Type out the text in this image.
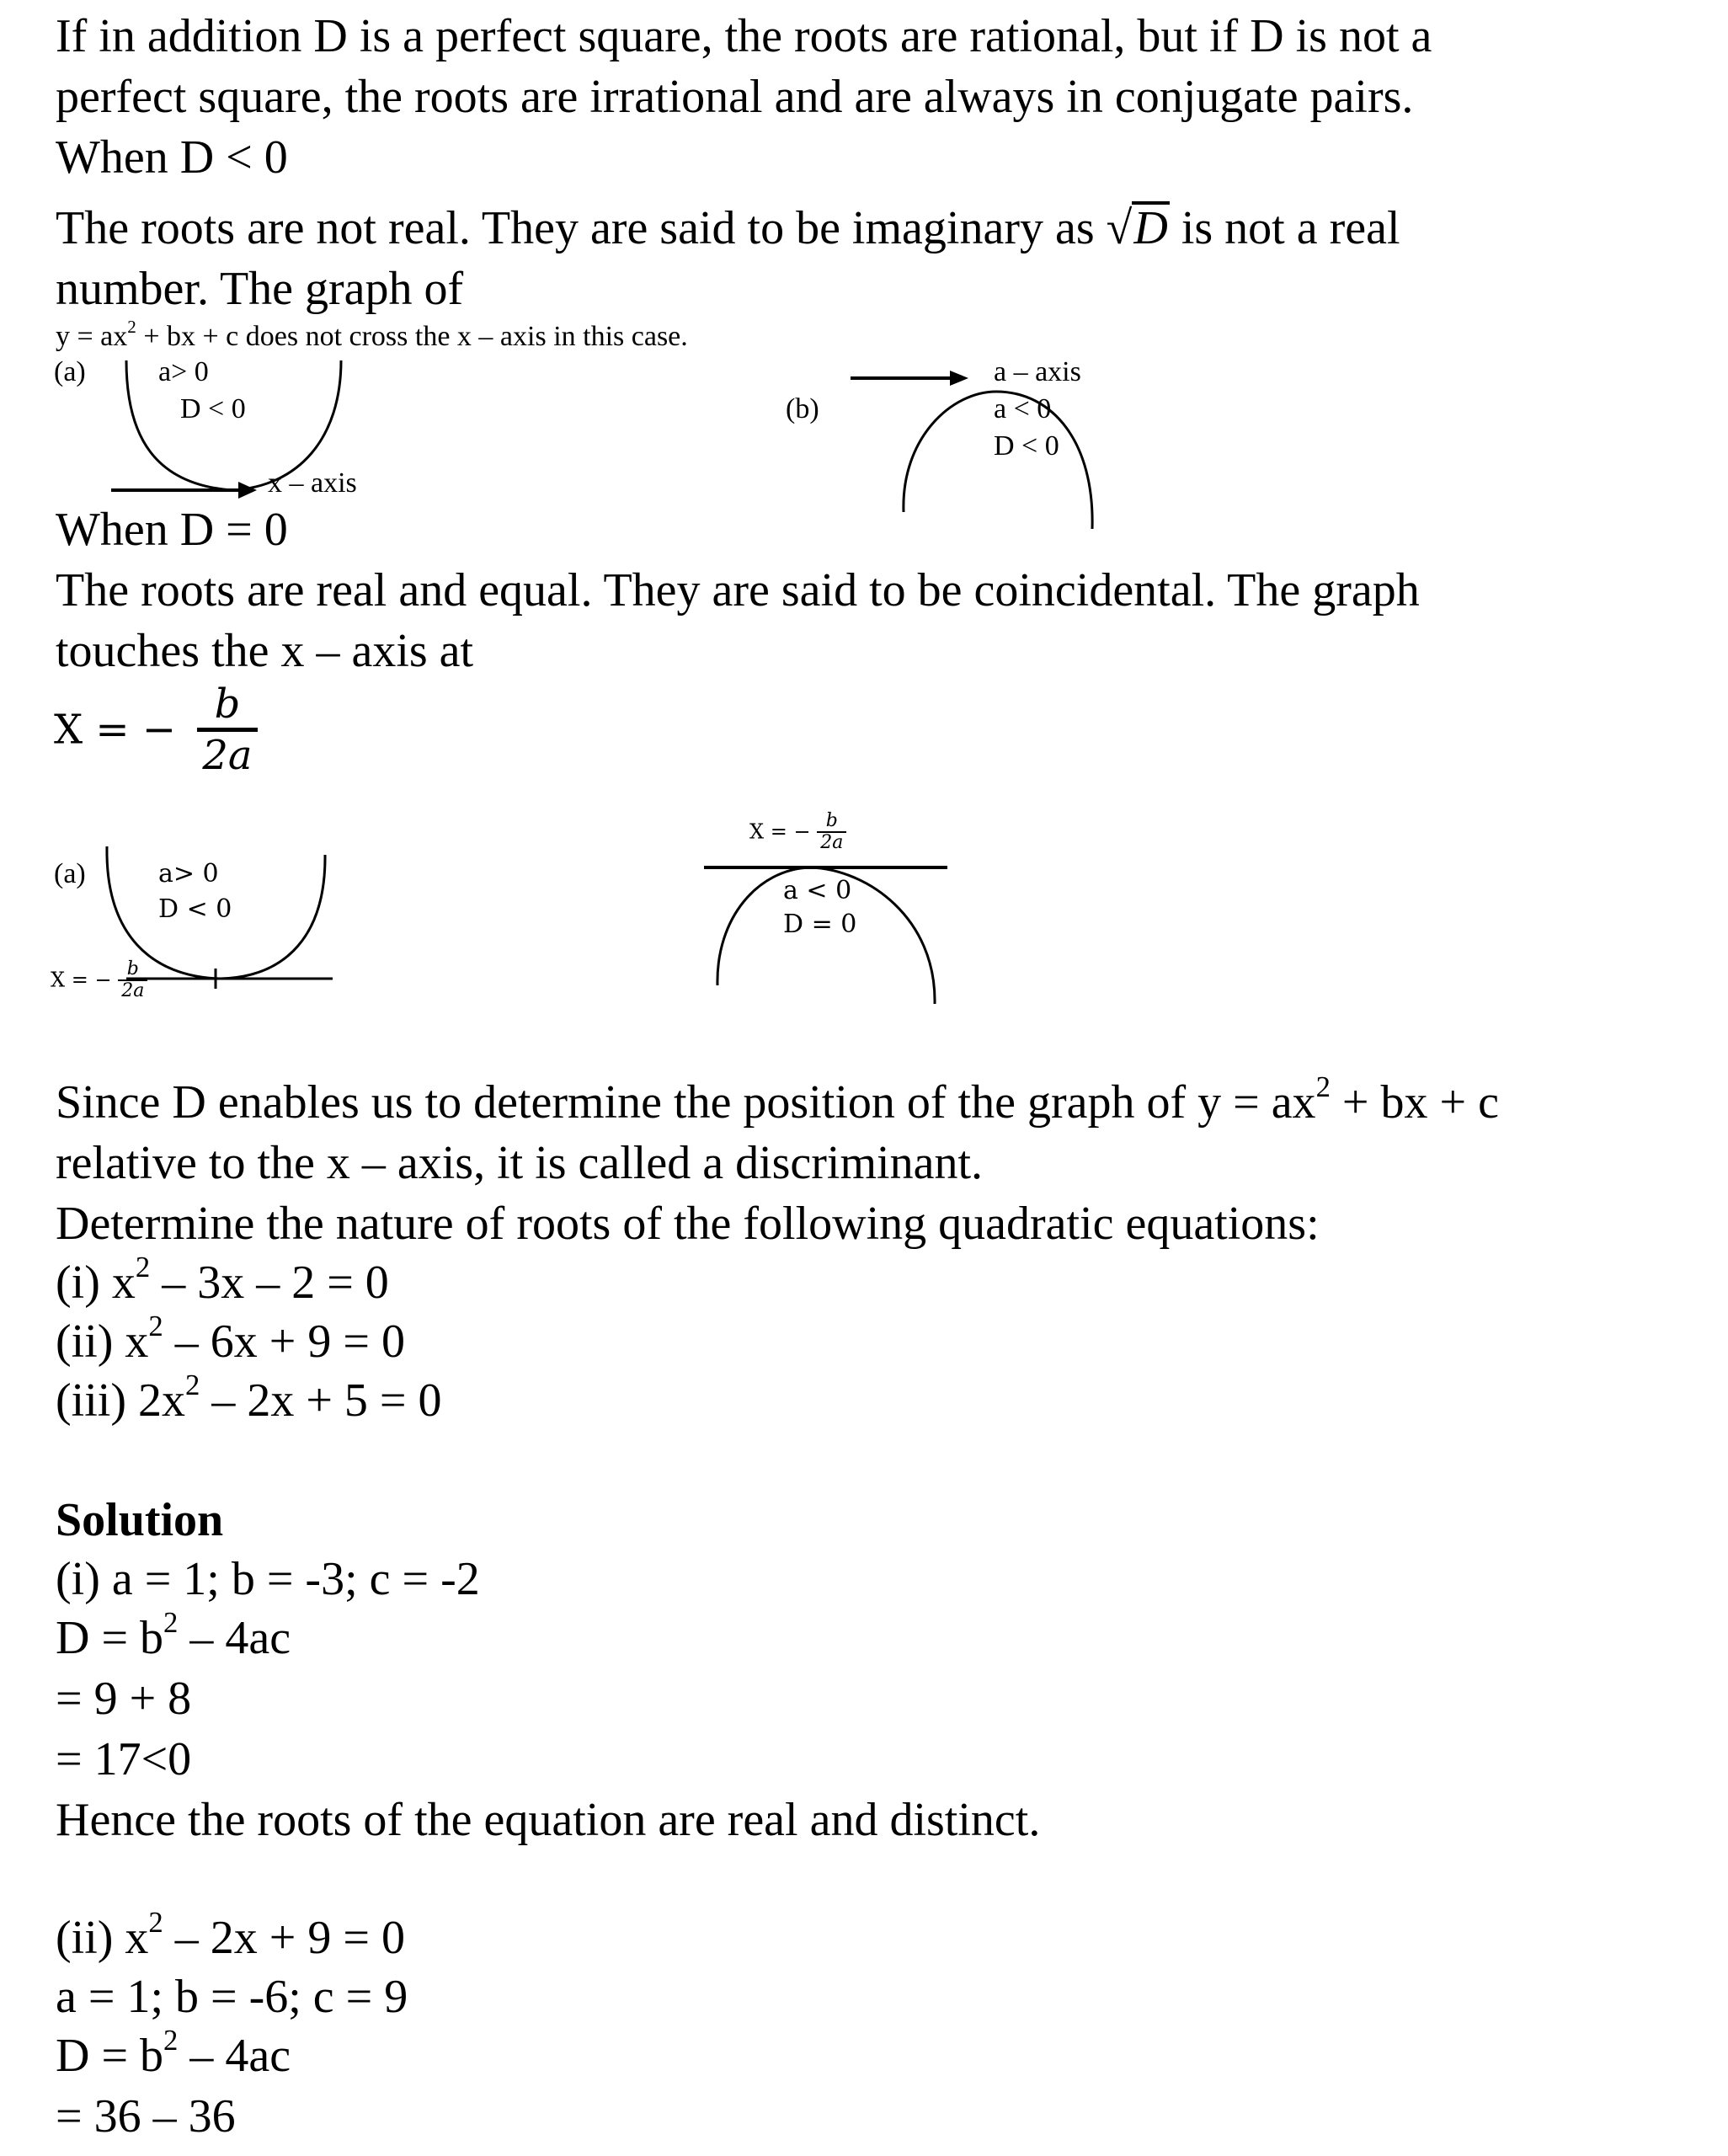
If in addition D is a perfect square, the roots are rational, but if D is not a
perfect square, the roots are irrational and are always in conjugate pairs.
When D < 0
The roots are not real. They are said to be imaginary as √D is not a real
number. The graph of
$y = ax^2$ + bx + c does not cross the x – axis in this case.
(a)	a> 0
D < 0
x – axis
(b)
a – axis
a < 0
D < 0
When D = 0
The roots are real and equal. They are said to be coincidental. The graph
touches the x – axis at
X = − $\frac{b}{2a}$
(a)	a> 0
D < 0
X = − $\frac{b}{2a}$
X = − $\frac{b}{2a}$
a < 0
D = 0
Since D enables us to determine the position of the graph of $y = ax^2$ + bx + c
relative to the x – axis, it is called a discriminant.
Determine the nature of roots of the following quadratic equations:
(i) $x^2 - 3x - 2 = 0$
(ii) $x^2 - 6x + 9 = 0$
(iii) $2x^2 - 2x + 5 = 0$
Solution
(i) a = 1; b = -3; c = -2
$D = b^2 - 4ac$
= 9 + 8
= 17<0
Hence the roots of the equation are real and distinct.
(ii) $x^2 - 2x + 9 = 0$
a = 1; b = -6; c = 9
$D = b^2 - 4ac$
= 36 – 36
